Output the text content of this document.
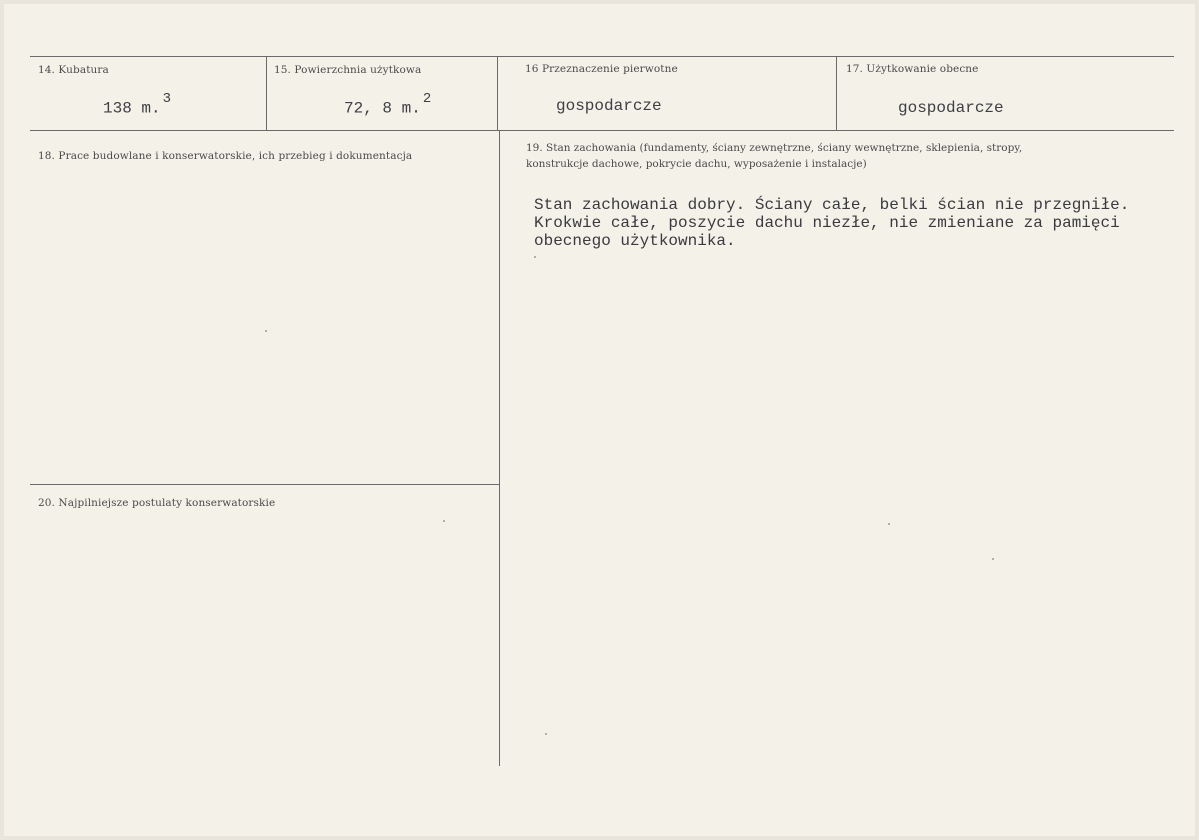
14. Kubatura
138 m.$^3$
15. Powierzchnia użytkowa
72, 8 m.$^2$
16 Przeznaczenie pierwotne
gospodarcze
17. Użytkowanie obecne
gospodarcze
18. Prace budowlane i konserwatorskie, ich przebieg i dokumentacja
19. Stan zachowania (fundamenty, ściany zewnętrzne, ściany wewnętrzne, sklepienia, stropy,
konstrukcje dachowe, pokrycie dachu, wyposażenie i instalacje)
Stan zachowania dobry. Ściany całe, belki ścian nie przegniłe.
Krokwie całe, poszycie dachu niezłe, nie zmieniane za pamięci
obecnego użytkownika.
20. Najpilniejsze postulaty konserwatorskie
